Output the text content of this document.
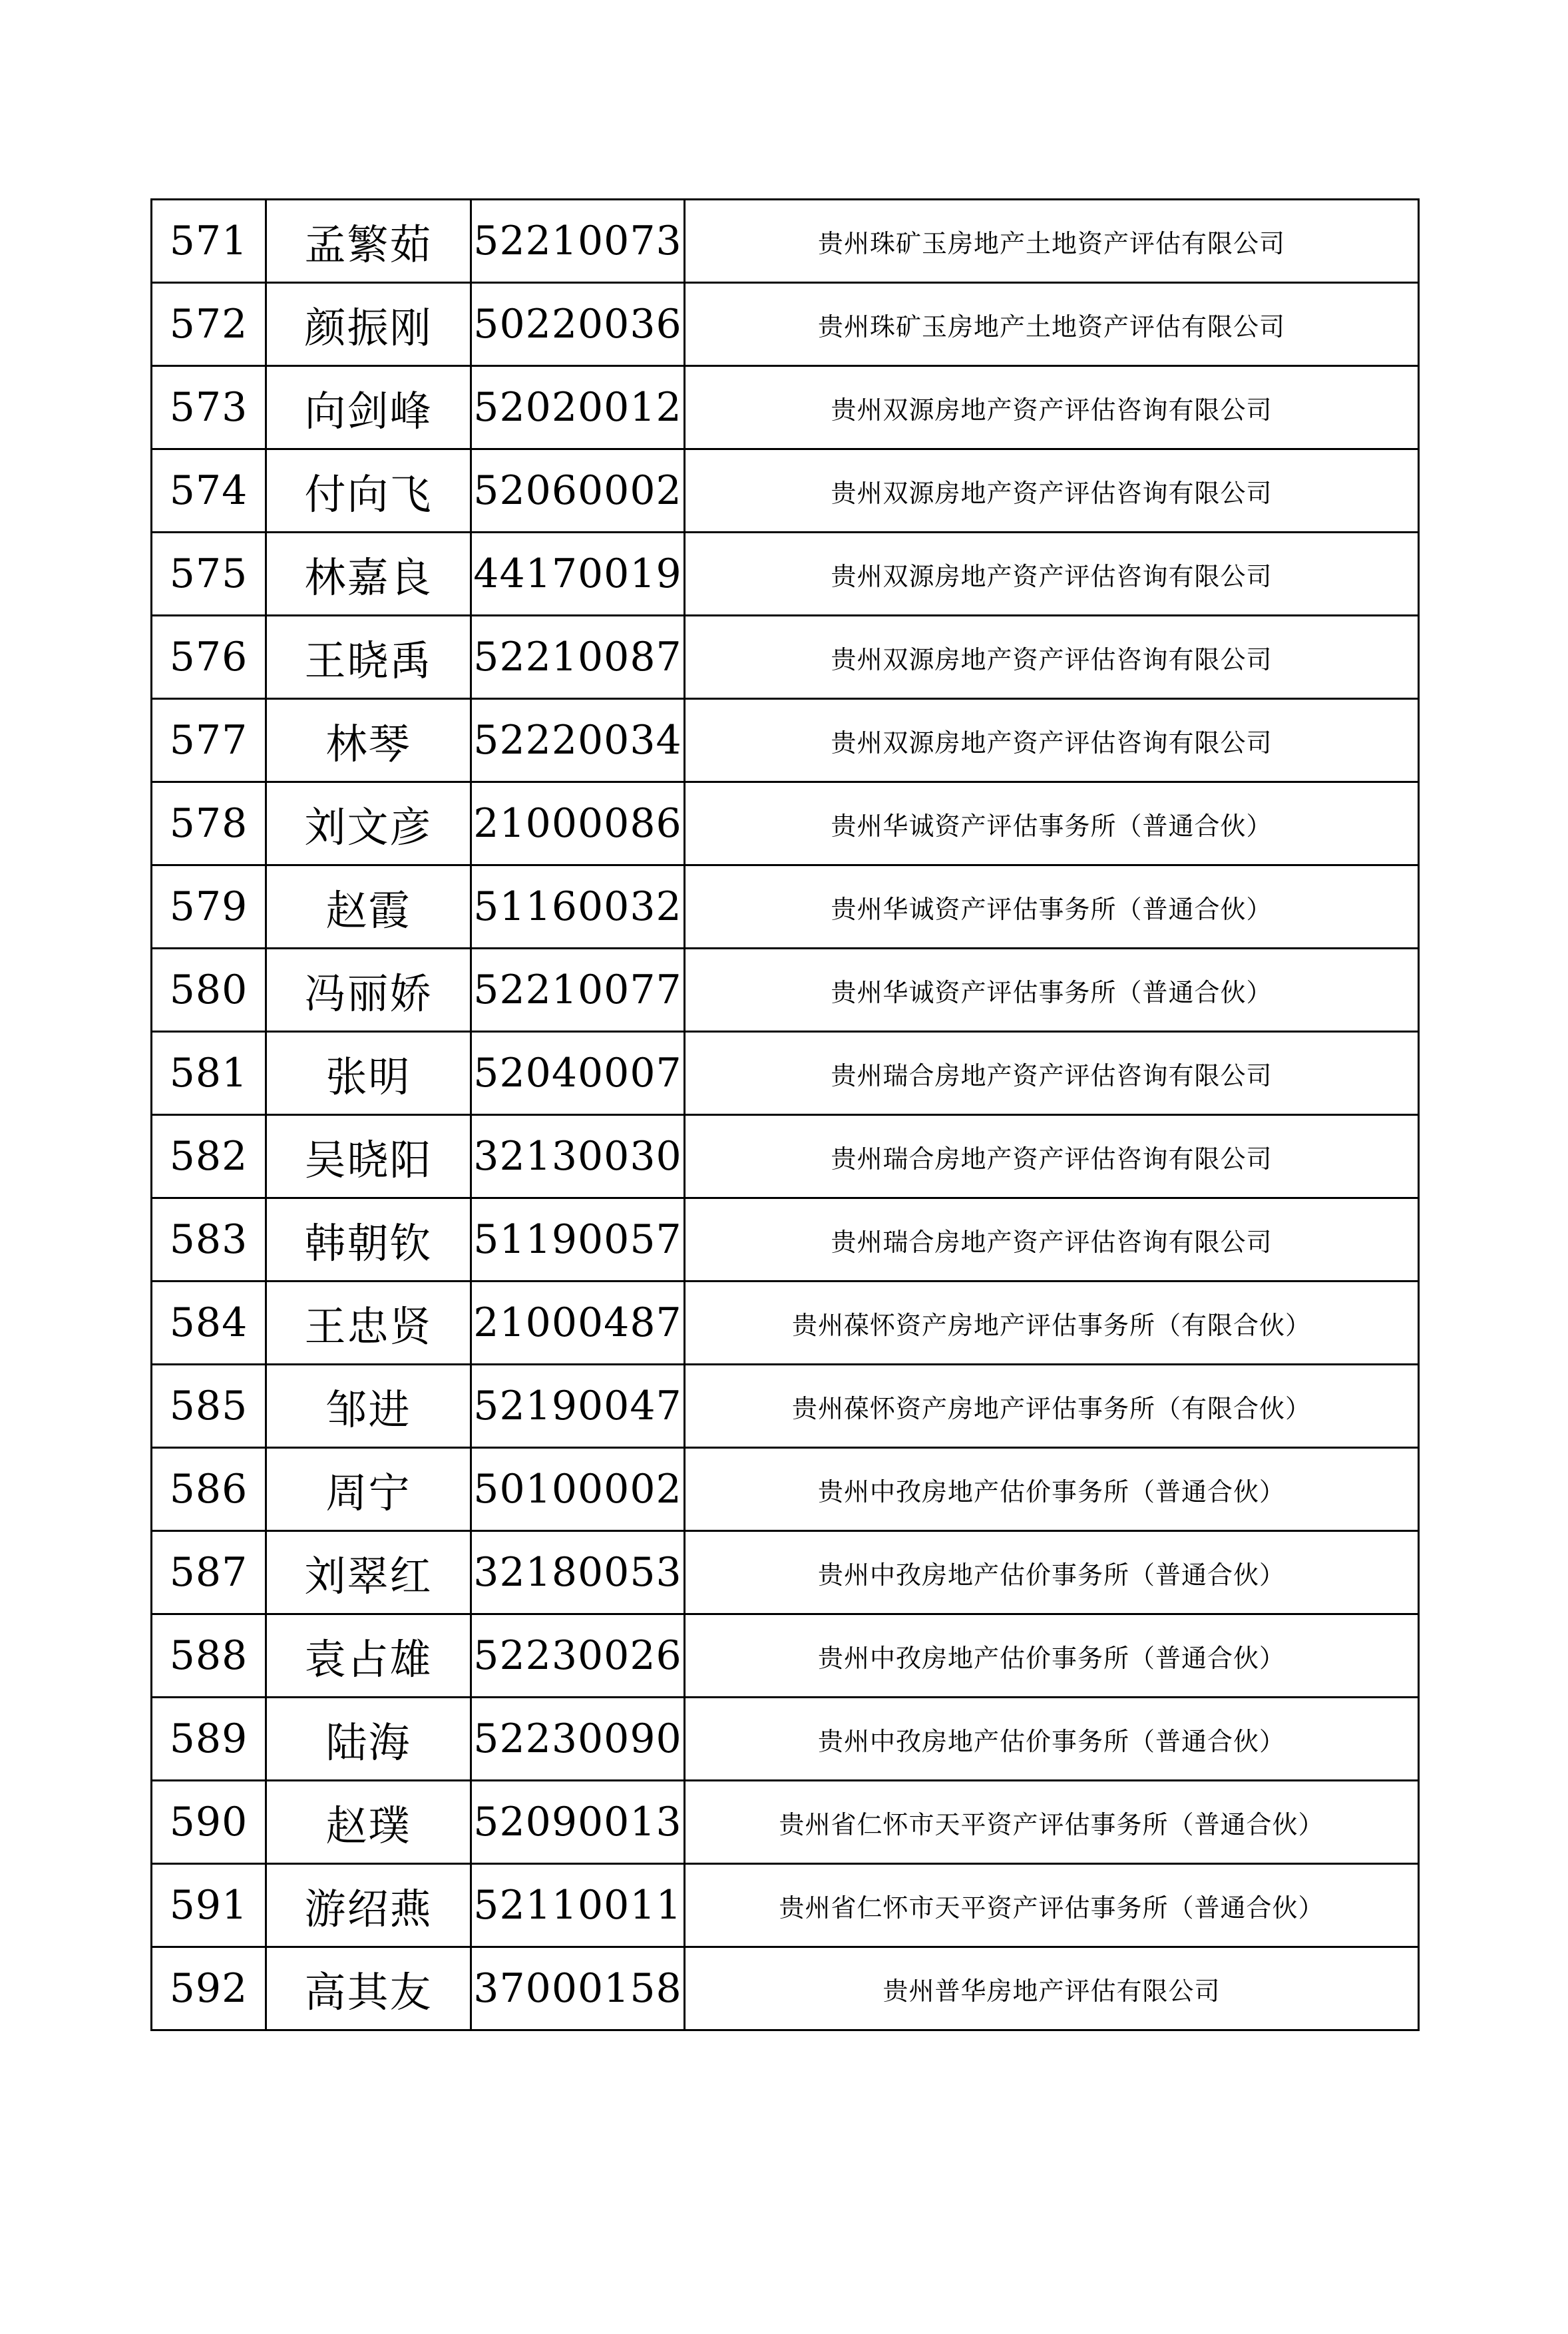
571	孟繁茹	52210073	贵州珠矿玉房地产土地资产评估有限公司
572	颜振刚	50220036	贵州珠矿玉房地产土地资产评估有限公司
573	向剑峰	52020012	贵州双源房地产资产评估咨询有限公司
574	付向飞	52060002	贵州双源房地产资产评估咨询有限公司
575	林嘉良	44170019	贵州双源房地产资产评估咨询有限公司
576	王晓禹	52210087	贵州双源房地产资产评估咨询有限公司
577	林琴	52220034	贵州双源房地产资产评估咨询有限公司
578	刘文彦	21000086	贵州华诚资产评估事务所（普通合伙）
579	赵霞	51160032	贵州华诚资产评估事务所（普通合伙）
580	冯丽娇	52210077	贵州华诚资产评估事务所（普通合伙）
581	张明	52040007	贵州瑞合房地产资产评估咨询有限公司
582	吴晓阳	32130030	贵州瑞合房地产资产评估咨询有限公司
583	韩朝钦	51190057	贵州瑞合房地产资产评估咨询有限公司
584	王忠贤	21000487	贵州葆怀资产房地产评估事务所（有限合伙）
585	邹进	52190047	贵州葆怀资产房地产评估事务所（有限合伙）
586	周宁	50100002	贵州中孜房地产估价事务所（普通合伙）
587	刘翠红	32180053	贵州中孜房地产估价事务所（普通合伙）
588	袁占雄	52230026	贵州中孜房地产估价事务所（普通合伙）
589	陆海	52230090	贵州中孜房地产估价事务所（普通合伙）
590	赵璞	52090013	贵州省仁怀市天平资产评估事务所（普通合伙）
591	游绍燕	52110011	贵州省仁怀市天平资产评估事务所（普通合伙）
592	高其友	37000158	贵州普华房地产评估有限公司
